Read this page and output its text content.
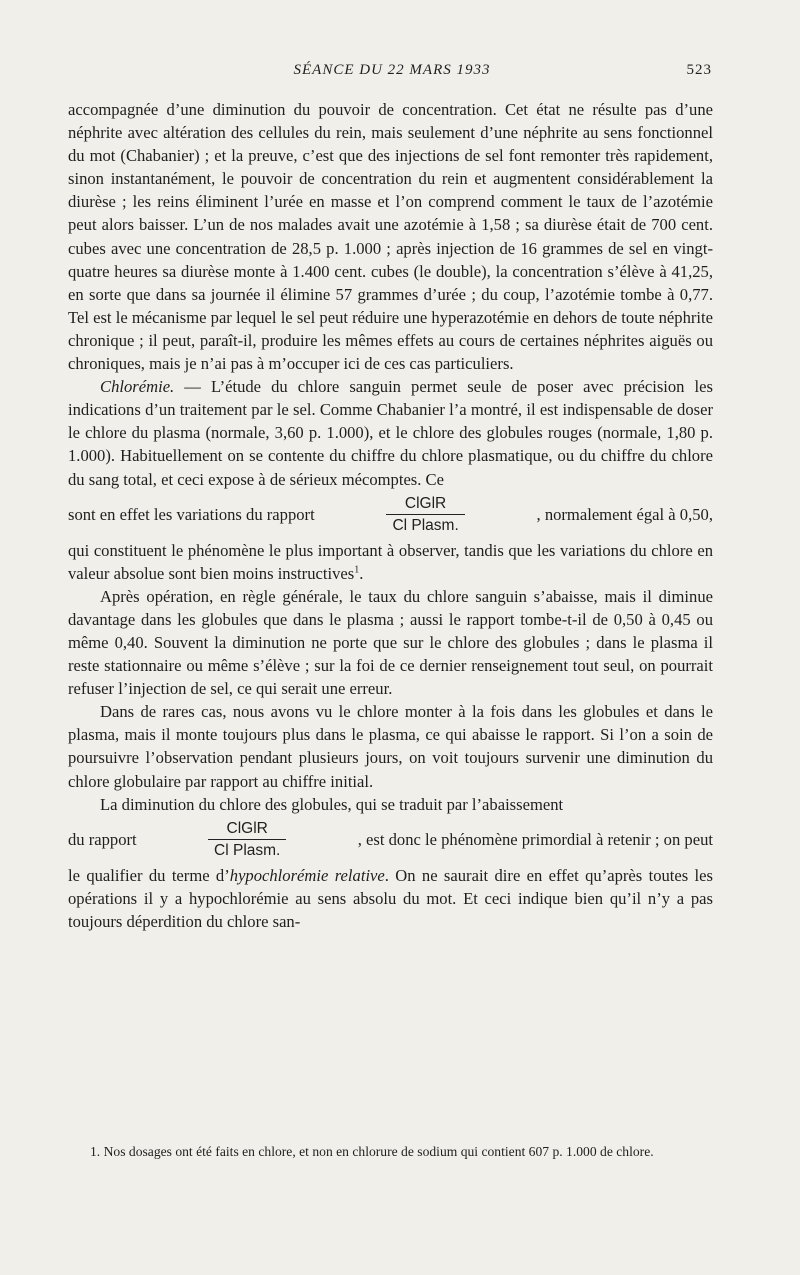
SÉANCE DU 22 MARS 1933	523

accompagnée d’une diminution du pouvoir de concentration. Cet état ne résulte pas d’une néphrite avec altération des cellules du rein, mais seulement d’une néphrite au sens fonctionnel du mot (Chabanier) ; et la preuve, c’est que des injections de sel font remonter très rapidement, sinon instantanément, le pouvoir de concentration du rein et augmentent considérablement la diurèse ; les reins éliminent l’urée en masse et l’on comprend comment le taux de l’azotémie peut alors baisser. L’un de nos malades avait une azotémie à 1,58 ; sa diurèse était de 700 cent. cubes avec une concentration de 28,5 p. 1.000 ; après injection de 16 grammes de sel en vingt-quatre heures sa diurèse monte à 1.400 cent. cubes (le double), la concentration s’élève à 41,25, en sorte que dans sa journée il élimine 57 grammes d’urée ; du coup, l’azotémie tombe à 0,77. Tel est le mécanisme par lequel le sel peut réduire une hyperazotémie en dehors de toute néphrite chronique ; il peut, paraît-il, produire les mêmes effets au cours de certaines néphrites aiguës ou chroniques, mais je n’ai pas à m’occuper ici de ces cas particuliers.

Chlorémie. — L’étude du chlore sanguin permet seule de poser avec précision les indications d’un traitement par le sel. Comme Chabanier l’a montré, il est indispensable de doser le chlore du plasma (normale, 3,60 p. 1.000), et le chlore des globules rouges (normale, 1,80 p. 1.000). Habituellement on se contente du chiffre du chlore plasmatique, ou du chiffre du chlore du sang total, et ceci expose à de sérieux mécomptes. Ce

sont en effet les variations du rapport	$\frac{\text{ClGlR}}{\text{Cl Plasm.}}$	, normalement égal à 0,50,

qui constituent le phénomène le plus important à observer, tandis que les variations du chlore en valeur absolue sont bien moins instructives$^1$.

Après opération, en règle générale, le taux du chlore sanguin s’abaisse, mais il diminue davantage dans les globules que dans le plasma ; aussi le rapport tombe-t-il de 0,50 à 0,45 ou même 0,40. Souvent la diminution ne porte que sur le chlore des globules ; dans le plasma il reste stationnaire ou même s’élève ; sur la foi de ce dernier renseignement tout seul, on pourrait refuser l’injection de sel, ce qui serait une erreur.

Dans de rares cas, nous avons vu le chlore monter à la fois dans les globules et dans le plasma, mais il monte toujours plus dans le plasma, ce qui abaisse le rapport. Si l’on a soin de poursuivre l’observation pendant plusieurs jours, on voit toujours survenir une diminution du chlore globulaire par rapport au chiffre initial.

La diminution du chlore des globules, qui se traduit par l’abaissement

du rapport	$\frac{\text{ClGlR}}{\text{Cl Plasm.}}$	, est donc le phénomène primordial à retenir ; on peut

le qualifier du terme d’hypochlorémie relative. On ne saurait dire en effet qu’après toutes les opérations il y a hypochlorémie au sens absolu du mot. Et ceci indique bien qu’il n’y a pas toujours déperdition du chlore san-

1. Nos dosages ont été faits en chlore, et non en chlorure de sodium qui contient 607 p. 1.000 de chlore.
